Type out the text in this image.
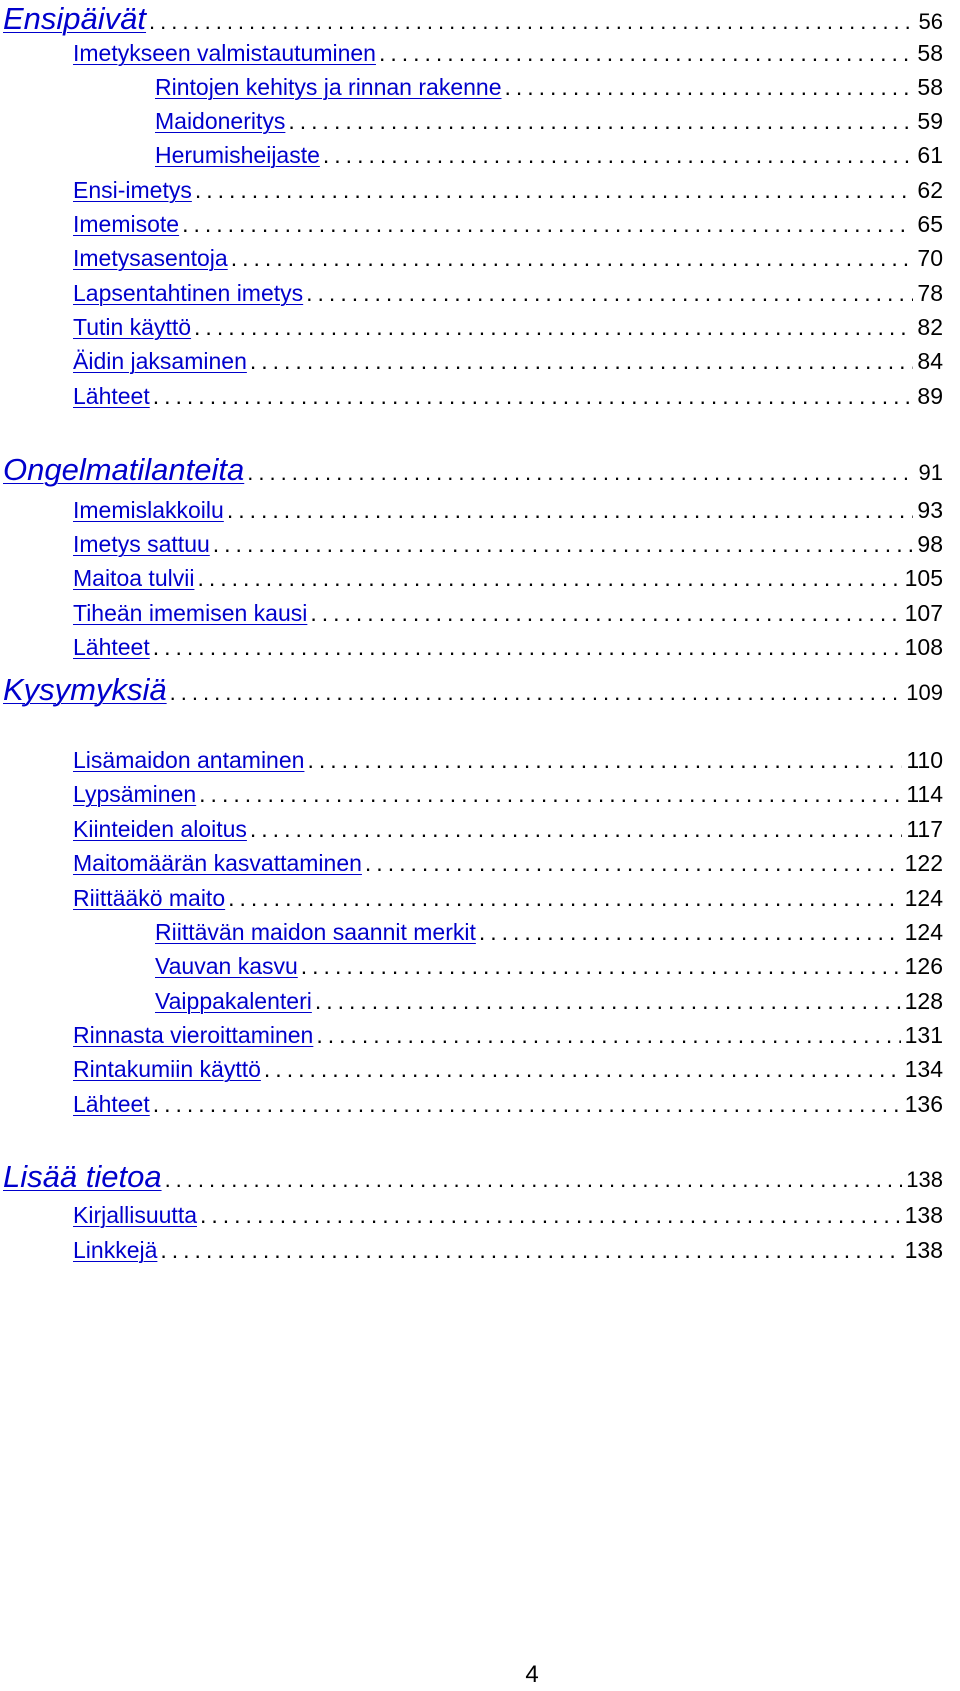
Ensipäivät .....	56
Imetykseen valmistautuminen .....	58
Rintojen kehitys ja rinnan rakenne .....	58
Maidoneritys .....	59
Herumisheijaste .....	61
Ensi-imetys .....	62
Imemisote .....	65
Imetysasentoja .....	70
Lapsentahtinen imetys .....	78
Tutin käyttö .....	82
Äidin jaksaminen .....	84
Lähteet .....	89
Ongelmatilanteita .....	91
Imemislakkoilu .....	93
Imetys sattuu .....	98
Maitoa tulvii .....	105
Tiheän imemisen kausi .....	107
Lähteet .....	108
Kysymyksiä .....	109
Lisämaidon antaminen .....	110
Lypsäminen .....	114
Kiinteiden aloitus .....	117
Maitomäärän kasvattaminen .....	122
Riittääkö maito .....	124
Riittävän maidon saannit merkit .....	124
Vauvan kasvu .....	126
Vaippakalenteri .....	128
Rinnasta vieroittaminen .....	131
Rintakumiin käyttö .....	134
Lähteet .....	136
Lisää tietoa .....	138
Kirjallisuutta .....	138
Linkkejä .....	138
4
